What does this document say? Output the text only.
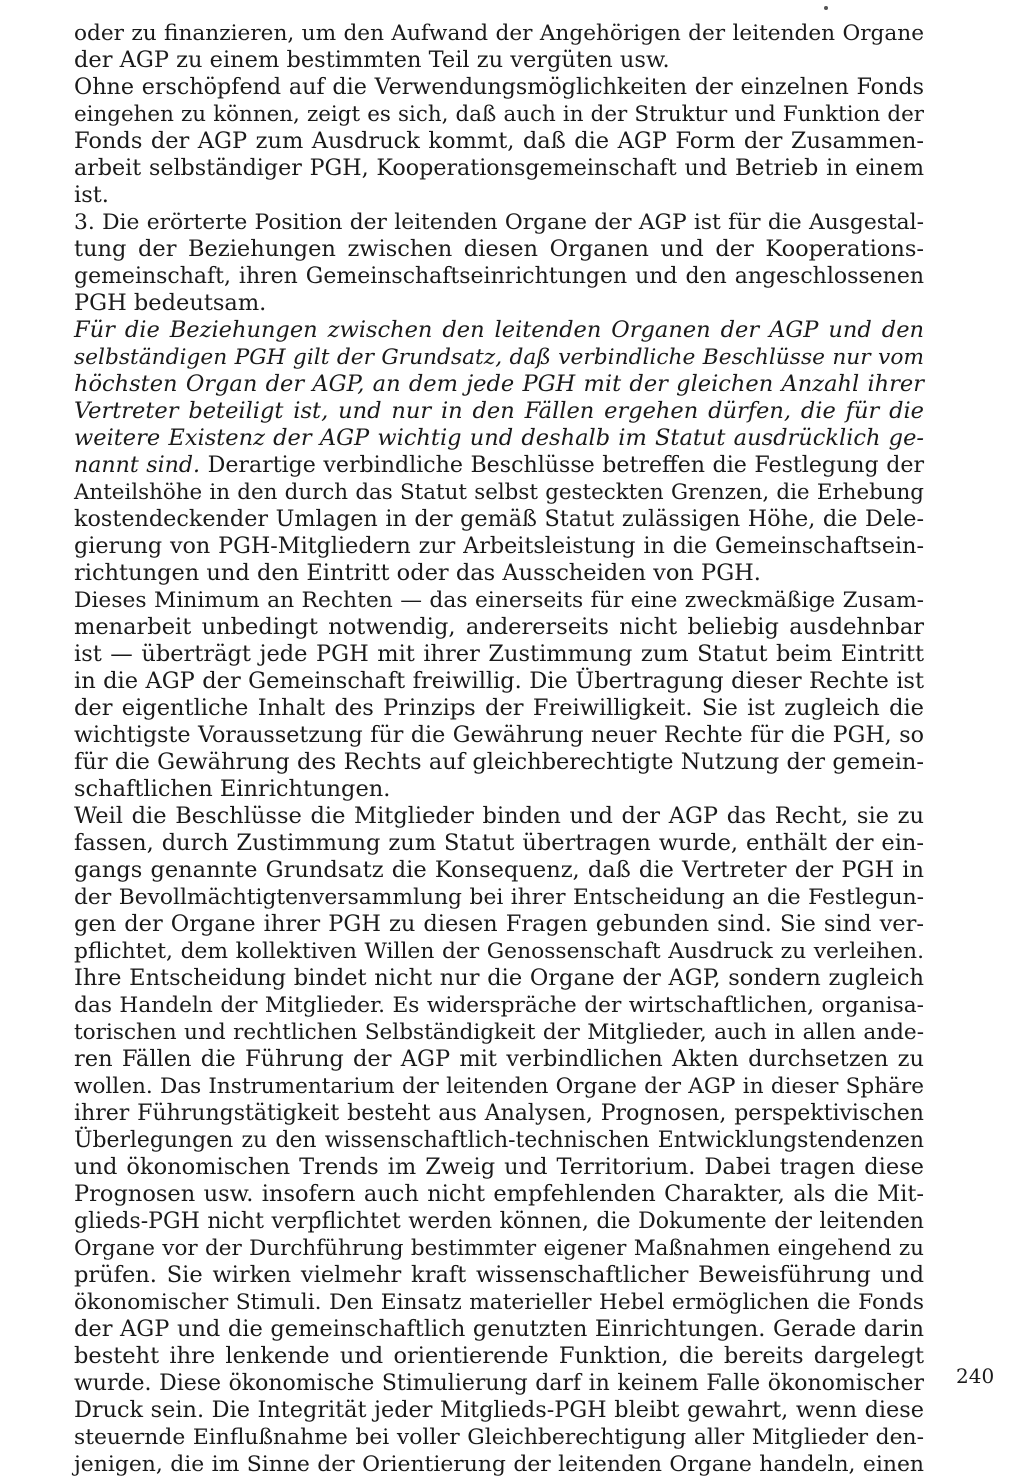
oder zu finanzieren, um den Aufwand der Angehörigen der leitenden Organe
der AGP zu einem bestimmten Teil zu vergüten usw.
Ohne erschöpfend auf die Verwendungsmöglichkeiten der einzelnen Fonds
eingehen zu können, zeigt es sich, daß auch in der Struktur und Funktion der
Fonds der AGP zum Ausdruck kommt, daß die AGP Form der Zusammen-
arbeit selbständiger PGH, Kooperationsgemeinschaft und Betrieb in einem
ist.
3. Die erörterte Position der leitenden Organe der AGP ist für die Ausgestal-
tung der Beziehungen zwischen diesen Organen und der Kooperations-
gemeinschaft, ihren Gemeinschaftseinrichtungen und den angeschlossenen
PGH bedeutsam.
Für die Beziehungen zwischen den leitenden Organen der AGP und den
selbständigen PGH gilt der Grundsatz, daß verbindliche Beschlüsse nur vom
höchsten Organ der AGP, an dem jede PGH mit der gleichen Anzahl ihrer
Vertreter beteiligt ist, und nur in den Fällen ergehen dürfen, die für die
weitere Existenz der AGP wichtig und deshalb im Statut ausdrücklich ge-
nannt sind. Derartige verbindliche Beschlüsse betreffen die Festlegung der
Anteilshöhe in den durch das Statut selbst gesteckten Grenzen, die Erhebung
kostendeckender Umlagen in der gemäß Statut zulässigen Höhe, die Dele-
gierung von PGH-Mitgliedern zur Arbeitsleistung in die Gemeinschaftsein-
richtungen und den Eintritt oder das Ausscheiden von PGH.
Dieses Minimum an Rechten — das einerseits für eine zweckmäßige Zusam-
menarbeit unbedingt notwendig, andererseits nicht beliebig ausdehnbar
ist — überträgt jede PGH mit ihrer Zustimmung zum Statut beim Eintritt
in die AGP der Gemeinschaft freiwillig. Die Übertragung dieser Rechte ist
der eigentliche Inhalt des Prinzips der Freiwilligkeit. Sie ist zugleich die
wichtigste Voraussetzung für die Gewährung neuer Rechte für die PGH, so
für die Gewährung des Rechts auf gleichberechtigte Nutzung der gemein-
schaftlichen Einrichtungen.
Weil die Beschlüsse die Mitglieder binden und der AGP das Recht, sie zu
fassen, durch Zustimmung zum Statut übertragen wurde, enthält der ein-
gangs genannte Grundsatz die Konsequenz, daß die Vertreter der PGH in
der Bevollmächtigtenversammlung bei ihrer Entscheidung an die Festlegun-
gen der Organe ihrer PGH zu diesen Fragen gebunden sind. Sie sind ver-
pflichtet, dem kollektiven Willen der Genossenschaft Ausdruck zu verleihen.
Ihre Entscheidung bindet nicht nur die Organe der AGP, sondern zugleich
das Handeln der Mitglieder. Es widerspräche der wirtschaftlichen, organisa-
torischen und rechtlichen Selbständigkeit der Mitglieder, auch in allen ande-
ren Fällen die Führung der AGP mit verbindlichen Akten durchsetzen zu
wollen. Das Instrumentarium der leitenden Organe der AGP in dieser Sphäre
ihrer Führungstätigkeit besteht aus Analysen, Prognosen, perspektivischen
Überlegungen zu den wissenschaftlich-technischen Entwicklungstendenzen
und ökonomischen Trends im Zweig und Territorium. Dabei tragen diese
Prognosen usw. insofern auch nicht empfehlenden Charakter, als die Mit-
glieds-PGH nicht verpflichtet werden können, die Dokumente der leitenden
Organe vor der Durchführung bestimmter eigener Maßnahmen eingehend zu
prüfen. Sie wirken vielmehr kraft wissenschaftlicher Beweisführung und
ökonomischer Stimuli. Den Einsatz materieller Hebel ermöglichen die Fonds
der AGP und die gemeinschaftlich genutzten Einrichtungen. Gerade darin
besteht ihre lenkende und orientierende Funktion, die bereits dargelegt
wurde. Diese ökonomische Stimulierung darf in keinem Falle ökonomischer
Druck sein. Die Integrität jeder Mitglieds-PGH bleibt gewahrt, wenn diese
steuernde Einflußnahme bei voller Gleichberechtigung aller Mitglieder den-
jenigen, die im Sinne der Orientierung der leitenden Organe handeln, einen
240
